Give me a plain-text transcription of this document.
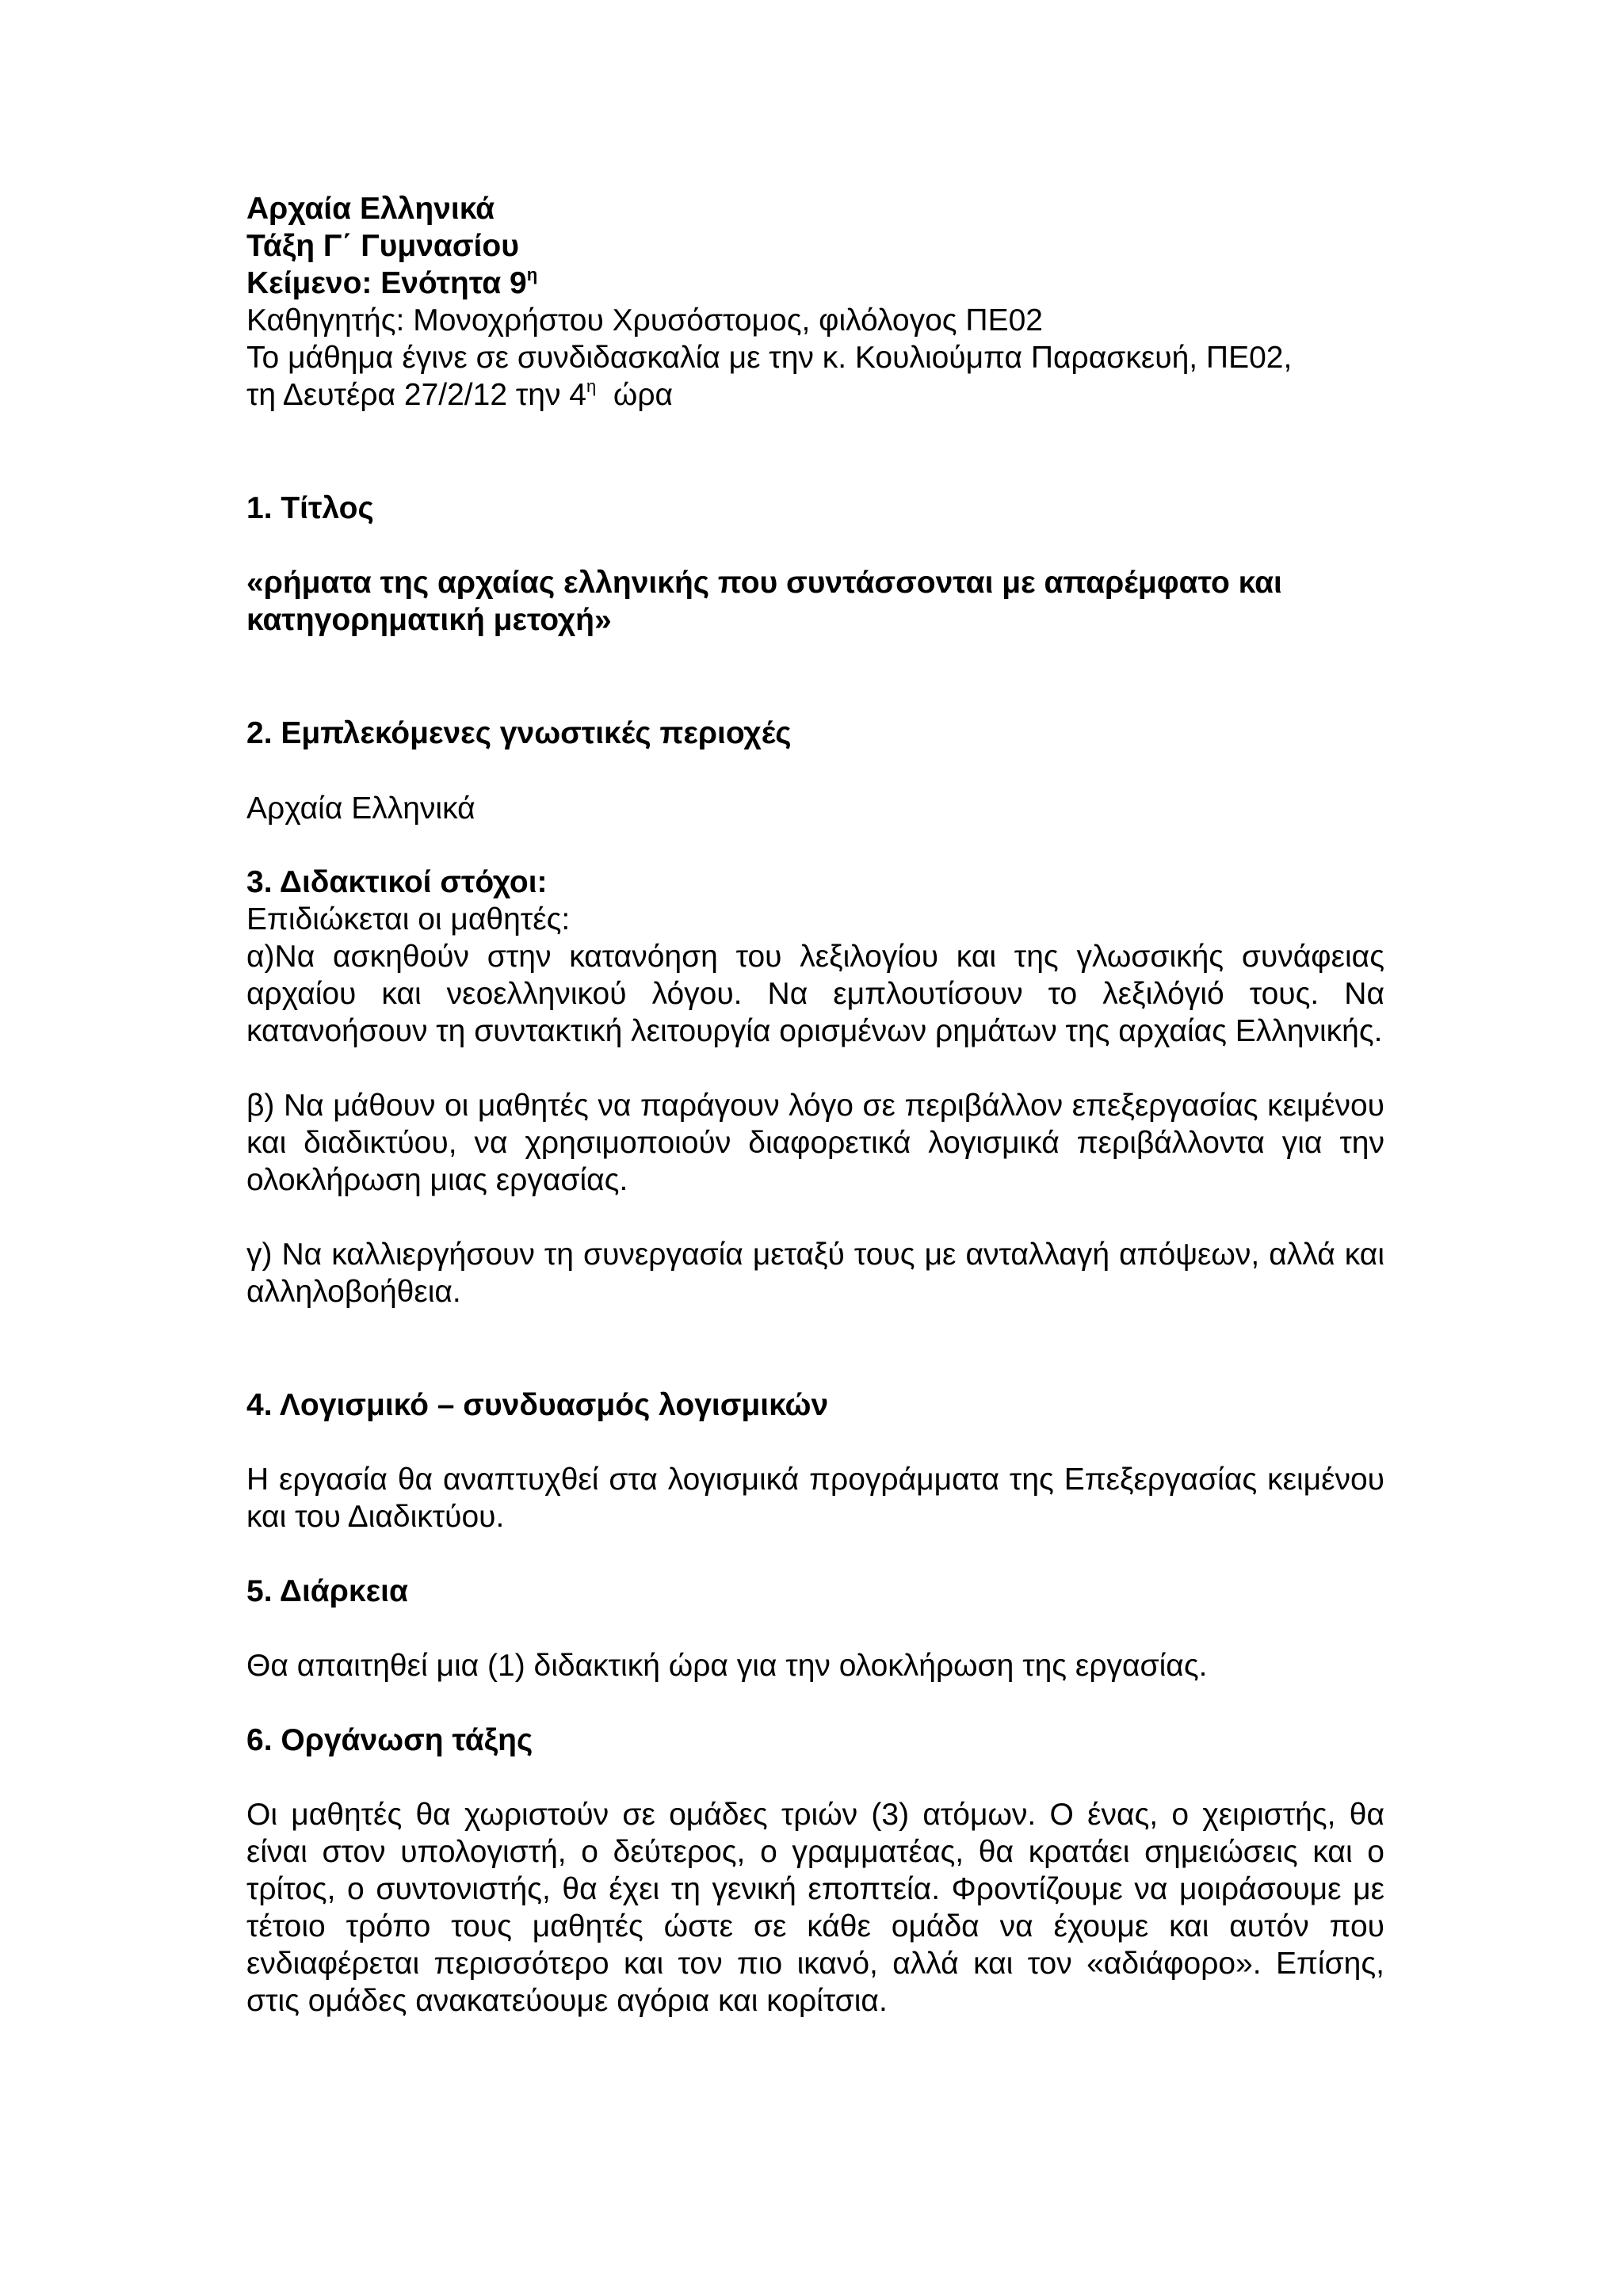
Αρχαία Ελληνικά

Τάξη Γ΄ Γυμνασίου

Κείμενο: Ενότητα $9^\eta$

Καθηγητής: Μονοχρήστου Χρυσόστομος, φιλόλογος ΠΕ02

Το μάθημα έγινε σε συνδιδασκαλία με την κ. Κουλιούμπα Παρασκευή, ΠΕ02,

τη Δευτέρα 27/2/12 την $4^\eta$  ώρα

1. Τίτλος

«ρήματα της αρχαίας ελληνικής που συντάσσονται με απαρέμφατο και κατηγορηματική μετοχή»

2. Εμπλεκόμενες γνωστικές περιοχές

Αρχαία Ελληνικά

3. Διδακτικοί στόχοι:

Επιδιώκεται οι μαθητές:

α)Να ασκηθούν στην κατανόηση του λεξιλογίου και της γλωσσικής συνάφειας αρχαίου και νεοελληνικού λόγου. Να εμπλουτίσουν το λεξιλόγιό τους. Να κατανοήσουν τη συντακτική λειτουργία ορισμένων ρημάτων της αρχαίας Ελληνικής.

β) Να μάθουν οι μαθητές να παράγουν λόγο σε περιβάλλον επεξεργασίας κειμένου και διαδικτύου, να χρησιμοποιούν διαφορετικά λογισμικά περιβάλλοντα για την ολοκλήρωση μιας εργασίας.

γ) Να καλλιεργήσουν τη συνεργασία μεταξύ τους με ανταλλαγή απόψεων, αλλά και αλληλοβοήθεια.

4. Λογισμικό – συνδυασμός λογισμικών

Η εργασία θα αναπτυχθεί στα λογισμικά προγράμματα της Επεξεργασίας κειμένου και του Διαδικτύου.

5. Διάρκεια

Θα απαιτηθεί μια (1) διδακτική ώρα για την ολοκλήρωση της εργασίας.

6. Οργάνωση τάξης

Οι μαθητές θα χωριστούν σε ομάδες τριών (3) ατόμων. Ο ένας, ο χειριστής, θα είναι στον υπολογιστή, ο δεύτερος, ο γραμματέας, θα κρατάει σημειώσεις και ο τρίτος, ο συντονιστής, θα έχει τη γενική εποπτεία. Φροντίζουμε να μοιράσουμε με τέτοιο τρόπο τους μαθητές ώστε σε κάθε ομάδα να έχουμε και αυτόν που ενδιαφέρεται περισσότερο και τον πιο ικανό, αλλά και τον «αδιάφορο». Επίσης, στις ομάδες ανακατεύουμε αγόρια και κορίτσια.
